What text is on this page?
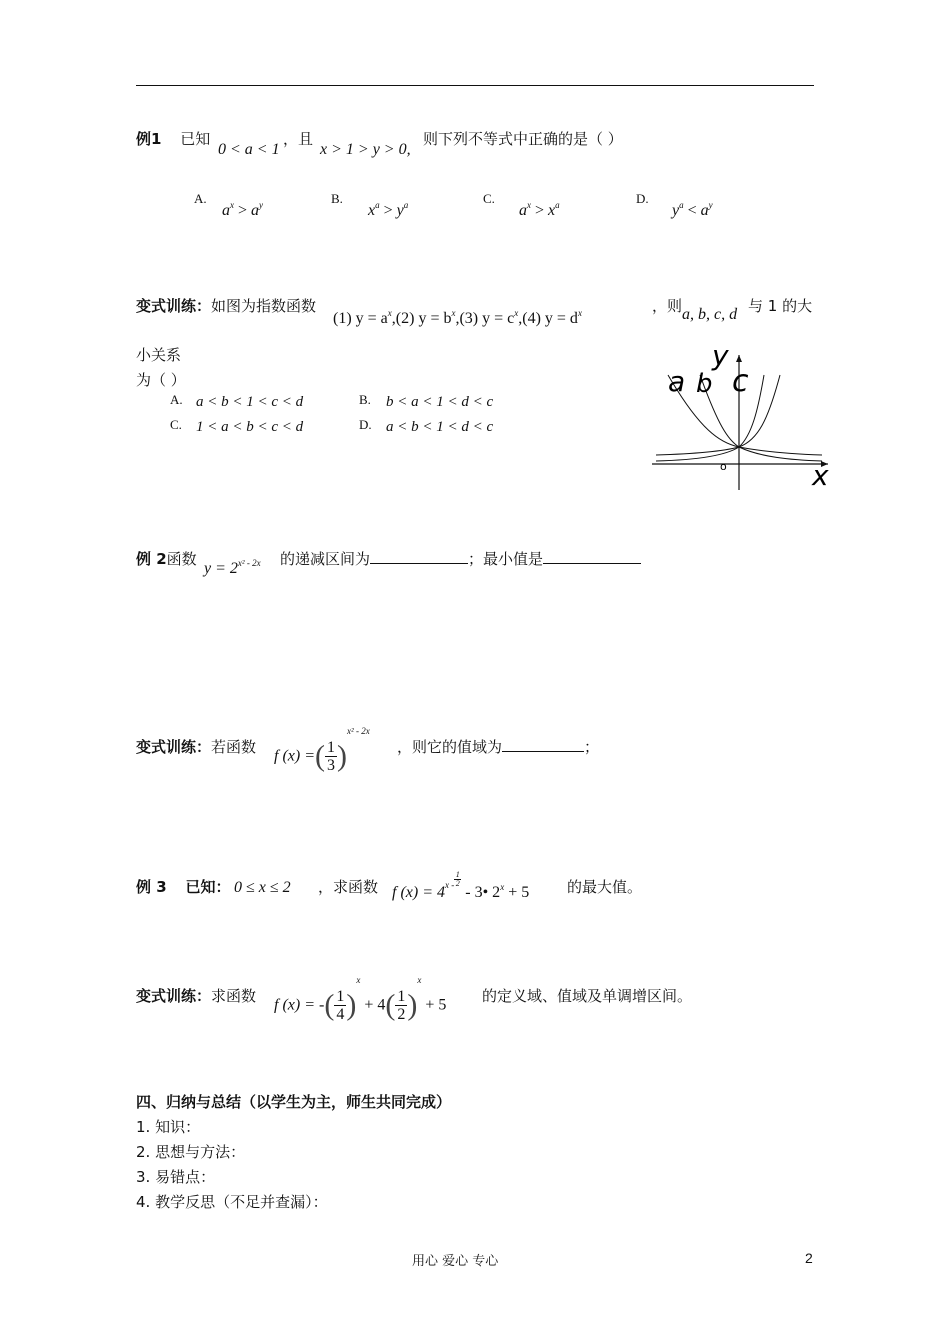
例1 已知
0 < a < 1
，且
x > 1 > y > 0,
则下列不等式中正确的是（ ）
A.
$a^x > a^y$	B.
$x^a > y^a$	C.
$a^x > x^a$	D.
$y^a < a^y$
变式训练：如图为指数函数
(1) $y = a^x,(2) y = b^x,(3) y = c^x,(4) y = d^x$	，则 a, b, c, d 与 1 的大
小关系
为（ ）
A. a < b < 1 < c < d	B. b < a < 1 < d < c
C. 1 < a < b < c < d	D. a < b < 1 < d < c
a b c
y
x
o
例 2函数
$y = 2^{x^2 - 2x}$ 的递减区间为	；最小值是
变式训练：若函数 f (x) =( $\frac{1}{3} )^{x^2 - 2x}$
，则它的值域为	；
例 3 已知： 0 ≤ x ≤ 2 ，求函数 f $(x) = 4^{x - \frac{1}{2}}$
- 3• $2^x + 5$	的最大值。
变式训练：求函数 f (x) = -( $\frac{1}{4} )^x + 4( \frac{1}{2} )^x + 5$ 的定义域、值域及单调增区间。
四、归纳与总结（以学生为主，师生共同完成）
1. 知识：
2. 思想与方法：
3. 易错点：
4. 教学反思（不足并查漏）：
用心 爱心 专心	2
